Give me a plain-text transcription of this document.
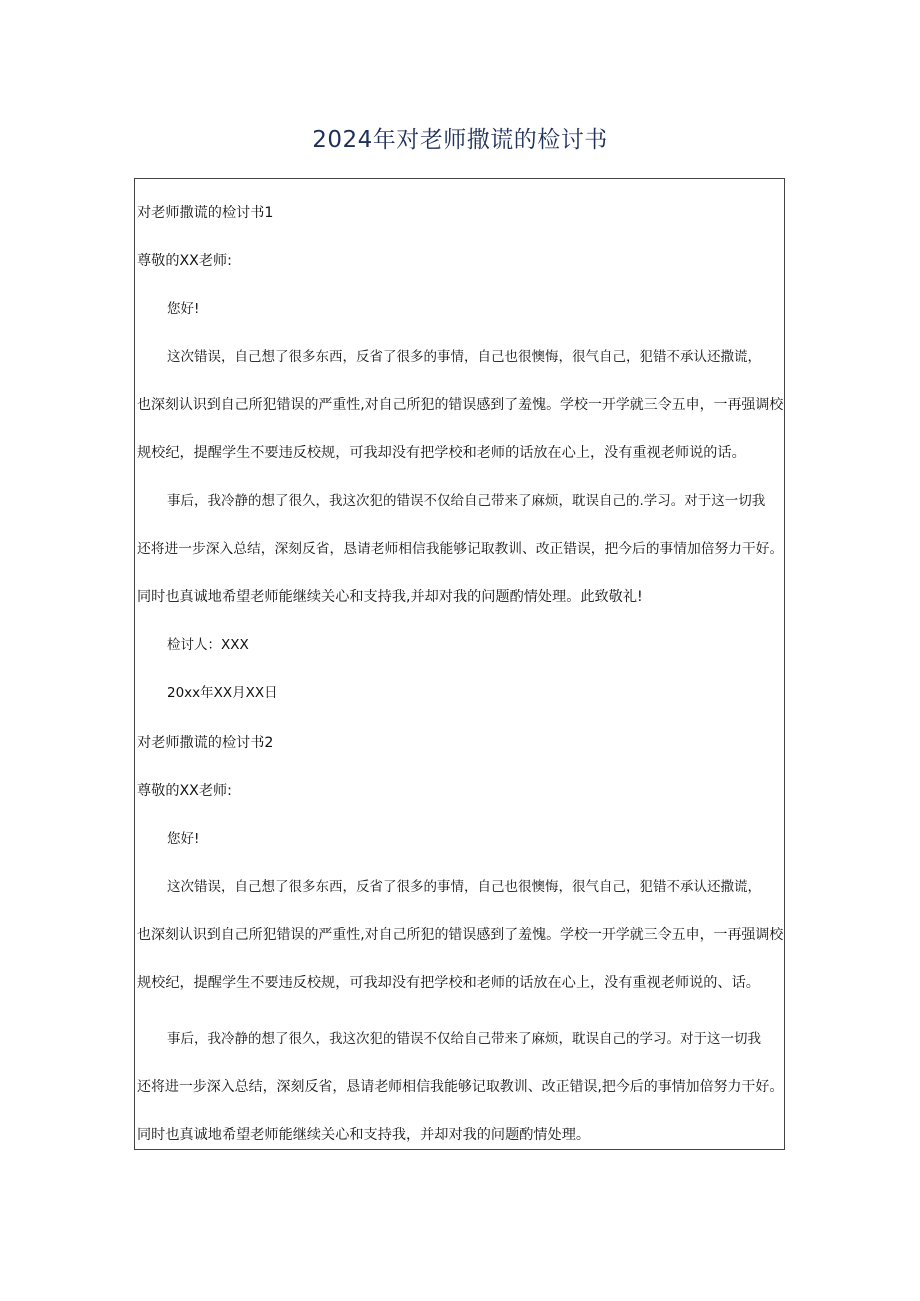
2024年对老师撒谎的检讨书
对老师撒谎的检讨书1
尊敬的XX老师:
您好!
这次错误，自己想了很多东西，反省了很多的事情，自己也很懊悔，很气自己，犯错不承认还撒谎，
也深刻认识到自己所犯错误的严重性,对自己所犯的错误感到了羞愧。学校一开学就三令五申，一再强调校
规校纪，提醒学生不要违反校规，可我却没有把学校和老师的话放在心上，没有重视老师说的话。
事后，我冷静的想了很久，我这次犯的错误不仅给自己带来了麻烦，耽误自己的.学习。对于这一切我
还将进一步深入总结，深刻反省，恳请老师相信我能够记取教训、改正错误，把今后的事情加倍努力干好。
同时也真诚地希望老师能继续关心和支持我,并却对我的问题酌情处理。此致敬礼!
检讨人：XXX
20xx年XX月XX日
对老师撒谎的检讨书2
尊敬的XX老师:
您好!
这次错误，自己想了很多东西，反省了很多的事情，自己也很懊悔，很气自己，犯错不承认还撒谎，
也深刻认识到自己所犯错误的严重性,对自己所犯的错误感到了羞愧。学校一开学就三令五申，一再强调校
规校纪，提醒学生不要违反校规，可我却没有把学校和老师的话放在心上，没有重视老师说的、话。
事后，我冷静的想了很久，我这次犯的错误不仅给自己带来了麻烦，耽误自己的学习。对于这一切我
还将进一步深入总结，深刻反省，恳请老师相信我能够记取教训、改正错误,把今后的事情加倍努力干好。
同时也真诚地希望老师能继续关心和支持我，并却对我的问题酌情处理。
